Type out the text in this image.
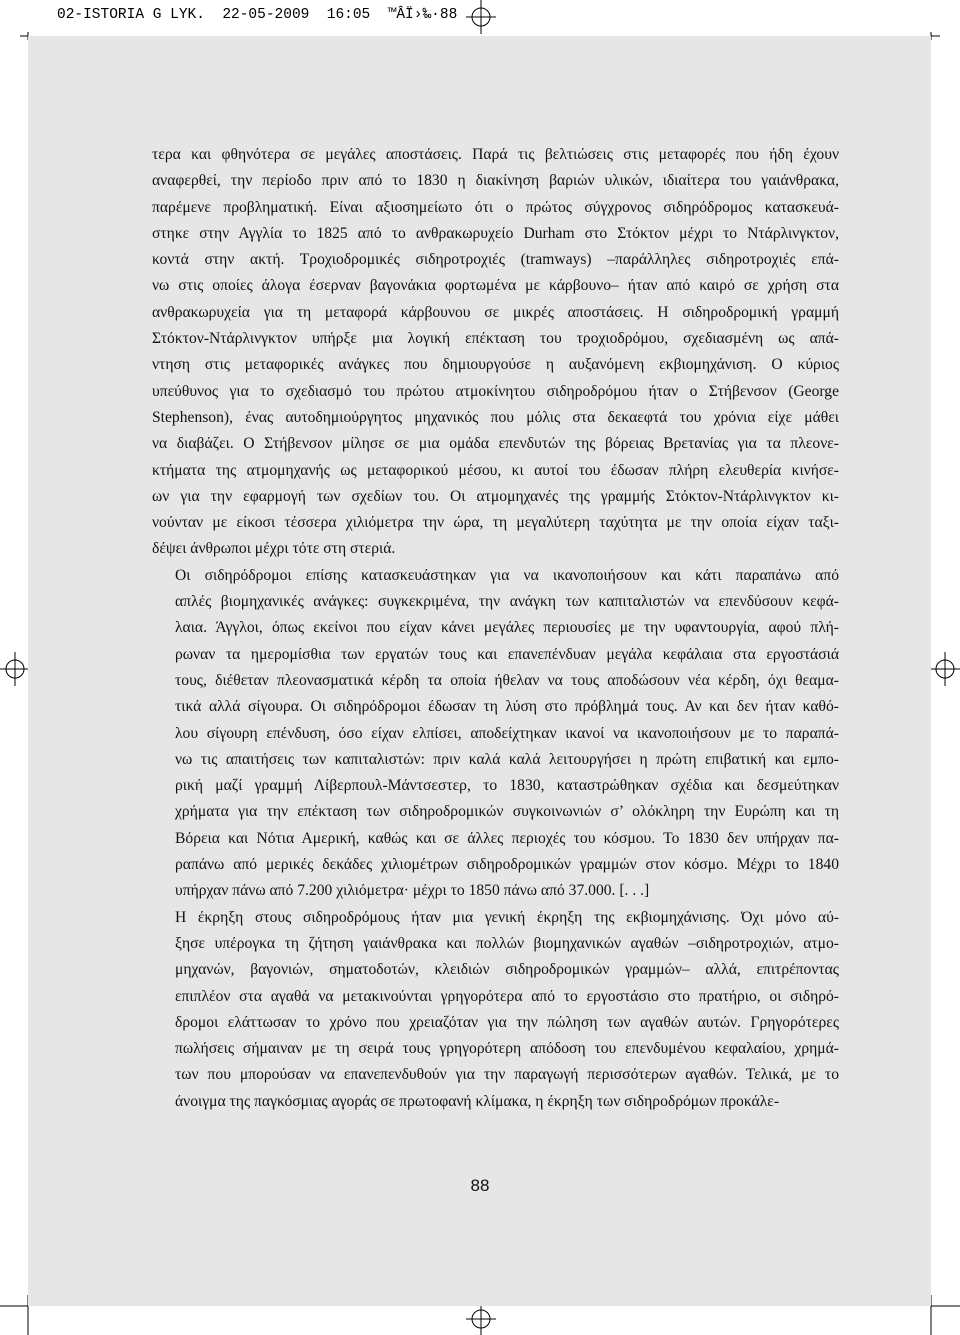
02-ISTORIA G LYK.  22-05-2009  16:05  ™ÂÏ›‰·88

τερα και φθηνότερα σε μεγάλες αποστάσεις. Παρά τις βελτιώσεις στις μεταφορές που ήδη έχουν
αναφερθεί, την περίοδο πριν από το 1830 η διακίνηση βαριών υλικών, ιδιαίτερα του γαιάνθρακα,
παρέμενε προβληματική. Είναι αξιοσημείωτο ότι ο πρώτος σύγχρονος σιδηρόδρομος κατασκευά-
στηκε στην Αγγλία το 1825 από το ανθρακωρυχείο Durham στο Στόκτον μέχρι το Ντάρλινγκτον,
κοντά στην ακτή. Τροχιοδρομικές σιδηροτροχιές (tramways) –παράλληλες σιδηροτροχιές επά-
νω στις οποίες άλογα έσερναν βαγονάκια φορτωμένα με κάρβουνο– ήταν από καιρό σε χρήση στα
ανθρακωρυχεία για τη μεταφορά κάρβουνου σε μικρές αποστάσεις. Η σιδηροδρομική γραμμή
Στόκτον-Ντάρλινγκτον υπήρξε μια λογική επέκταση του τροχιοδρόμου, σχεδιασμένη ως απά-
ντηση στις μεταφορικές ανάγκες που δημιουργούσε η αυξανόμενη εκβιομηχάνιση. Ο κύριος
υπεύθυνος για το σχεδιασμό του πρώτου ατμοκίνητου σιδηροδρόμου ήταν ο Στήβενσον (George
Stephenson), ένας αυτοδημιούργητος μηχανικός που μόλις στα δεκαεφτά του χρόνια είχε μάθει
να διαβάζει. Ο Στήβενσον μίλησε σε μια ομάδα επενδυτών της βόρειας Βρετανίας για τα πλεονε-
κτήματα της ατμομηχανής ως μεταφορικού μέσου, κι αυτοί του έδωσαν πλήρη ελευθερία κινήσε-
ων για την εφαρμογή των σχεδίων του. Οι ατμομηχανές της γραμμής Στόκτον-Ντάρλινγκτον κι-
νούνταν με είκοσι τέσσερα χιλιόμετρα την ώρα, τη μεγαλύτερη ταχύτητα με την οποία είχαν ταξι-
δέψει άνθρωποι μέχρι τότε στη στεριά.

Οι σιδηρόδρομοι επίσης κατασκευάστηκαν για να ικανοποιήσουν και κάτι παραπάνω από
απλές βιομηχανικές ανάγκες: συγκεκριμένα, την ανάγκη των καπιταλιστών να επενδύσουν κεφά-
λαια. Άγγλοι, όπως εκείνοι που είχαν κάνει μεγάλες περιουσίες με την υφαντουργία, αφού πλή-
ρωναν τα ημερομίσθια των εργατών τους και επανεπένδυαν μεγάλα κεφάλαια στα εργοστάσιά
τους, διέθεταν πλεονασματικά κέρδη τα οποία ήθελαν να τους αποδώσουν νέα κέρδη, όχι θεαμα-
τικά αλλά σίγουρα. Οι σιδηρόδρομοι έδωσαν τη λύση στο πρόβλημά τους. Αν και δεν ήταν καθό-
λου σίγουρη επένδυση, όσο είχαν ελπίσει, αποδείχτηκαν ικανοί να ικανοποιήσουν με το παραπά-
νω τις απαιτήσεις των καπιταλιστών: πριν καλά καλά λειτουργήσει η πρώτη επιβατική και εμπο-
ρική μαζί γραμμή Λίβερπουλ-Μάντσεστερ, το 1830, καταστρώθηκαν σχέδια και δεσμεύτηκαν
χρήματα για την επέκταση των σιδηροδρομικών συγκοινωνιών σ’ ολόκληρη την Ευρώπη και τη
Βόρεια και Νότια Αμερική, καθώς και σε άλλες περιοχές του κόσμου. Το 1830 δεν υπήρχαν πα-
ραπάνω από μερικές δεκάδες χιλιομέτρων σιδηροδρομικών γραμμών στον κόσμο. Μέχρι το 1840
υπήρχαν πάνω από 7.200 χιλιόμετρα· μέχρι το 1850 πάνω από 37.000. [. . .]

Η έκρηξη στους σιδηροδρόμους ήταν μια γενική έκρηξη της εκβιομηχάνισης. Όχι μόνο αύ-
ξησε υπέρογκα τη ζήτηση γαιάνθρακα και πολλών βιομηχανικών αγαθών –σιδηροτροχιών, ατμο-
μηχανών, βαγονιών, σηματοδοτών, κλειδιών σιδηροδρομικών γραμμών– αλλά, επιτρέποντας
επιπλέον στα αγαθά να μετακινούνται γρηγορότερα από το εργοστάσιο στο πρατήριο, οι σιδηρό-
δρομοι ελάττωσαν το χρόνο που χρειαζόταν για την πώληση των αγαθών αυτών. Γρηγορότερες
πωλήσεις σήμαιναν με τη σειρά τους γρηγορότερη απόδοση του επενδυμένου κεφαλαίου, χρημά-
των που μπορούσαν να επανεπενδυθούν για την παραγωγή περισσότερων αγαθών. Τελικά, με το
άνοιγμα της παγκόσμιας αγοράς σε πρωτοφανή κλίμακα, η έκρηξη των σιδηροδρόμων προκάλε-

88
